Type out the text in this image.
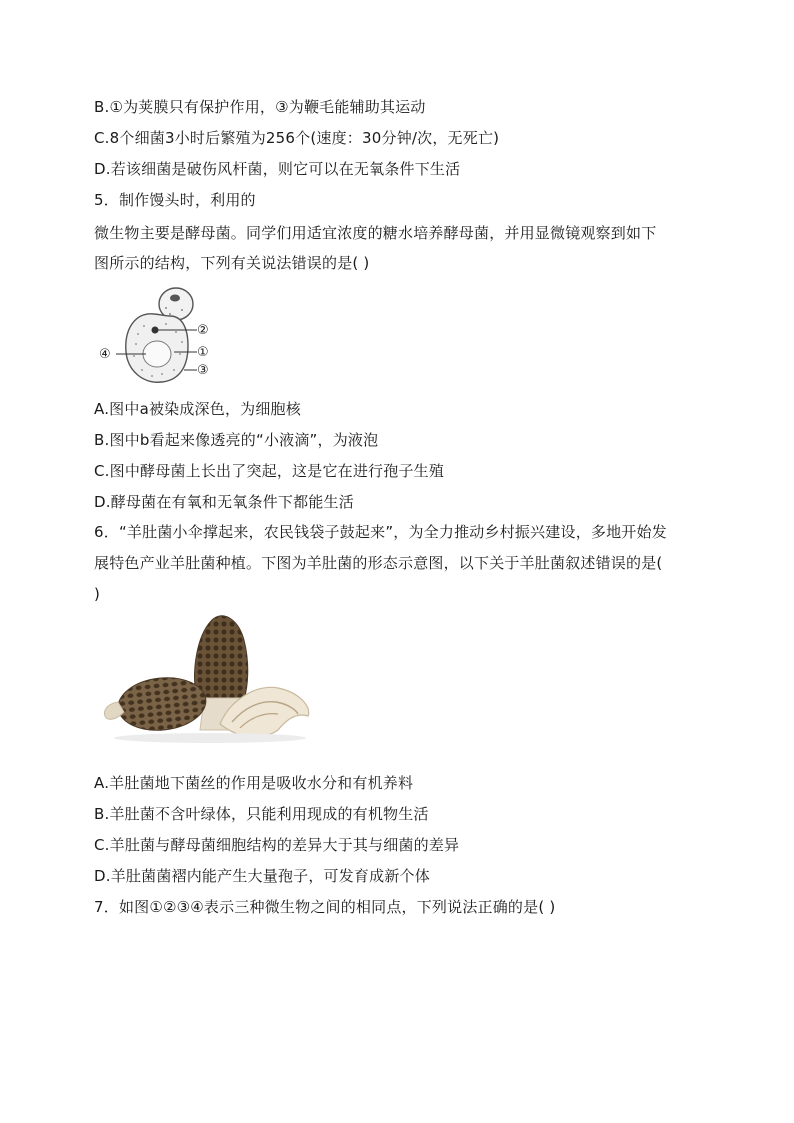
B.①为荚膜只有保护作用，③为鞭毛能辅助其运动
C.8个细菌3小时后繁殖为256个(速度：30分钟/次，无死亡)
D.若该细菌是破伤风杆菌，则它可以在无氧条件下生活
5．制作馒头时，利用的
微生物主要是酵母菌。同学们用适宜浓度的糖水培养酵母菌，并用显微镜观察到如下
图所示的结构，下列有关说法错误的是( )
②
①
③
④
A.图中a被染成深色，为细胞核
B.图中b看起来像透亮的“小液滴”，为液泡
C.图中酵母菌上长出了突起，这是它在进行孢子生殖
D.酵母菌在有氧和无氧条件下都能生活
6．“羊肚菌小伞撑起来，农民钱袋子鼓起来”，为全力推动乡村振兴建设，多地开始发
展特色产业羊肚菌种植。下图为羊肚菌的形态示意图，以下关于羊肚菌叙述错误的是(
)
A.羊肚菌地下菌丝的作用是吸收水分和有机养料
B.羊肚菌不含叶绿体，只能利用现成的有机物生活
C.羊肚菌与酵母菌细胞结构的差异大于其与细菌的差异
D.羊肚菌菌褶内能产生大量孢子，可发育成新个体
7．如图①②③④表示三种微生物之间的相同点，下列说法正确的是( )
